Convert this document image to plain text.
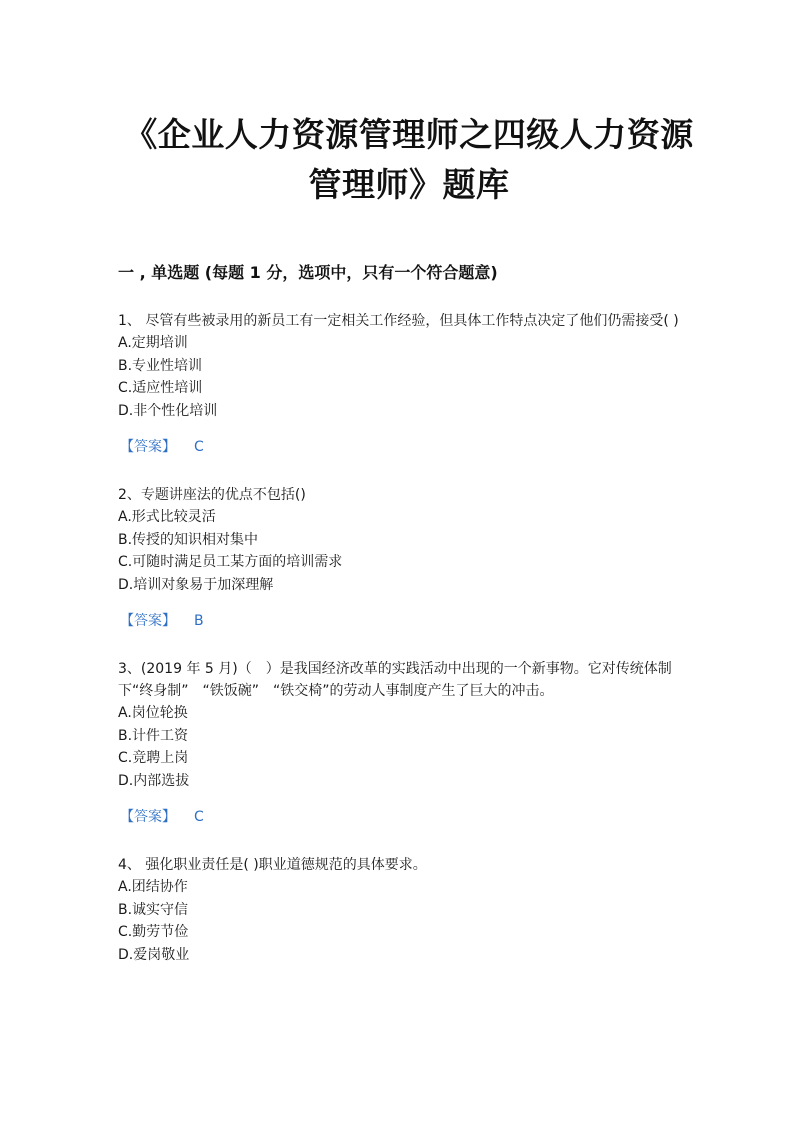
《企业人力资源管理师之四级人力资源管理师》题库
一 , 单选题 (每题 1 分，选项中，只有一个符合题意)

1、 尽管有些被录用的新员工有一定相关工作经验，但具体工作特点决定了他们仍需接受( )

A.定期培训

B.专业性培训

C.适应性培训

D.非个性化培训

【答案】 C

2、专题讲座法的优点不包括()

A.形式比较灵活

B.传授的知识相对集中

C.可随时满足员工某方面的培训需求

D.培训对象易于加深理解

【答案】 B

3、(2019 年 5 月)（　）是我国经济改革的实践活动中出现的一个新事物。它对传统体制下“终身制”　“铁饭碗”　“铁交椅”的劳动人事制度产生了巨大的冲击。

A.岗位轮换

B.计件工资

C.竞聘上岗

D.内部选拔

【答案】 C

4、 强化职业责任是( )职业道德规范的具体要求。

A.团结协作

B.诚实守信

C.勤劳节俭

D.爱岗敬业
